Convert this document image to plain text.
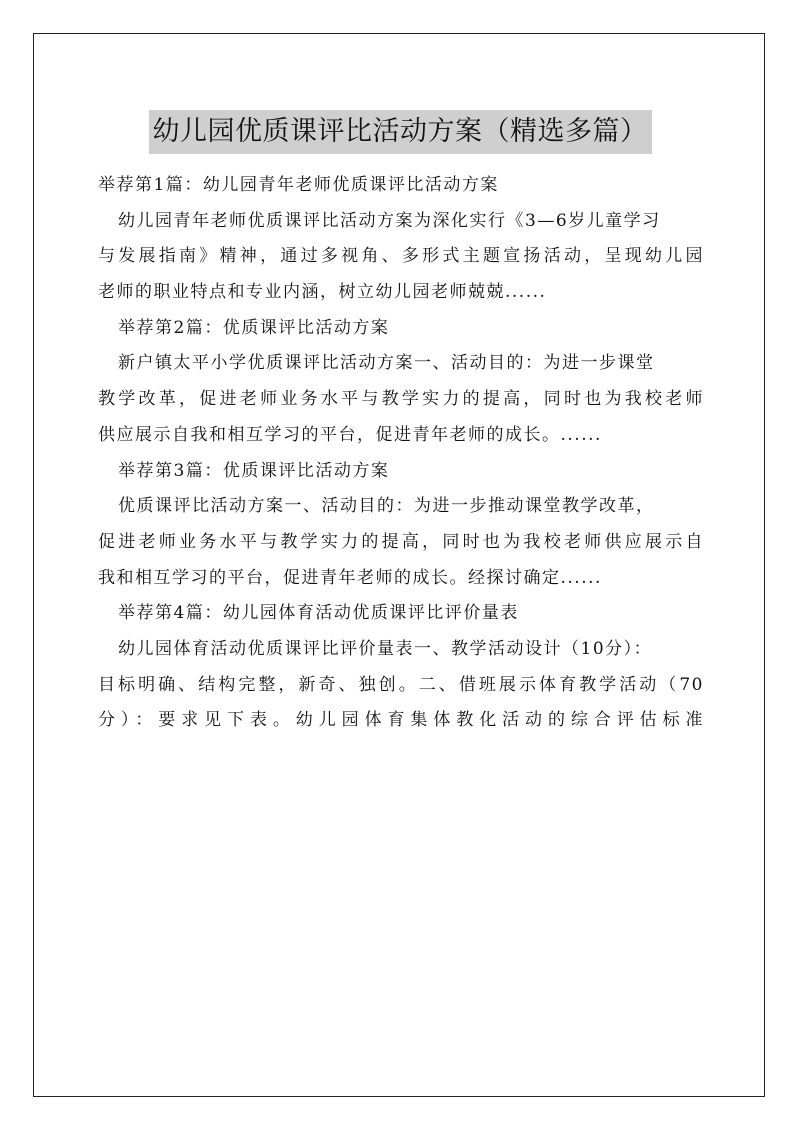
幼儿园优质课评比活动方案（精选多篇）
举荐第1篇：幼儿园青年老师优质课评比活动方案
幼儿园青年老师优质课评比活动方案为深化实行《3—6岁儿童学习
与发展指南》精神，通过多视角、多形式主题宣扬活动，呈现幼儿园
老师的职业特点和专业内涵，树立幼儿园老师兢兢......
举荐第2篇：优质课评比活动方案
新户镇太平小学优质课评比活动方案一、活动目的：为进一步课堂
教学改革，促进老师业务水平与教学实力的提高，同时也为我校老师
供应展示自我和相互学习的平台，促进青年老师的成长。......
举荐第3篇：优质课评比活动方案
优质课评比活动方案一、活动目的：为进一步推动课堂教学改革，
促进老师业务水平与教学实力的提高，同时也为我校老师供应展示自
我和相互学习的平台，促进青年老师的成长。经探讨确定......
举荐第4篇：幼儿园体育活动优质课评比评价量表
幼儿园体育活动优质课评比评价量表一、教学活动设计（10分）：
目标明确、结构完整，新奇、独创。二、借班展示体育教学活动（70
分）：要求见下表。幼儿园体育集体教化活动的综合评估标准
